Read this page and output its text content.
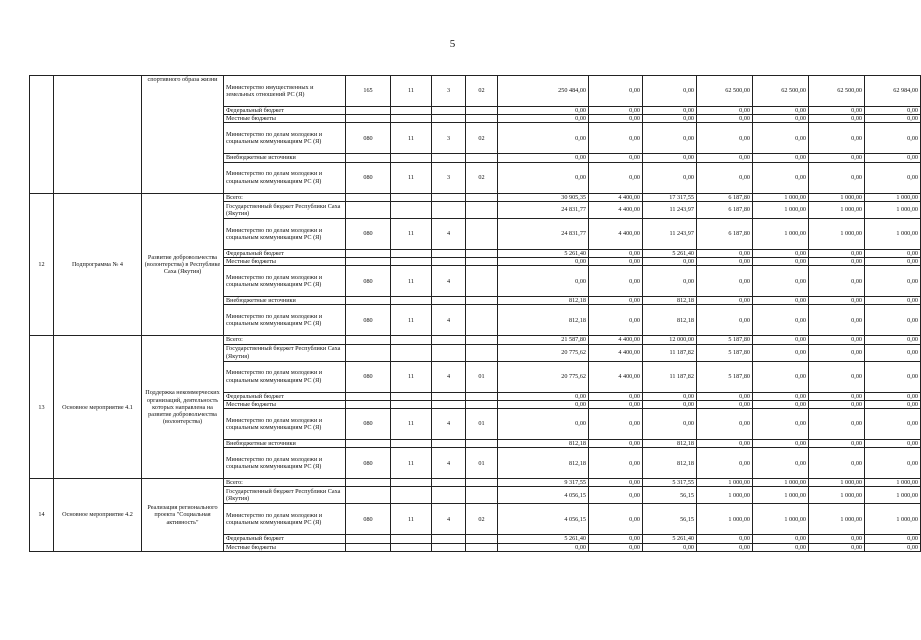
5
		спортивного образа жизни	Министерство имущественных и земельных отношений РС (Я)	165	11	3	02	250 484,00	0,00	0,00	62 500,00	62 500,00	62 500,00	62 984,00
			Федеральный бюджет					0,00	0,00	0,00	0,00	0,00	0,00	0,00
			Местные бюджеты					0,00	0,00	0,00	0,00	0,00	0,00	0,00
			Министерство по делам молодежи и социальным коммуникациям РС (Я)	080	11	3	02	0,00	0,00	0,00	0,00	0,00	0,00	0,00
			Внебюджетные источники					0,00	0,00	0,00	0,00	0,00	0,00	0,00
			Министерство по делам молодежи и социальным коммуникациям РС (Я)	080	11	3	02	0,00	0,00	0,00	0,00	0,00	0,00	0,00
12	Подпрограмма № 4	Развитие добровольчества (волонтерства) в Республике Саха (Якутия)	Всего:					30 905,35	4 400,00	17 317,55	6 187,80	1 000,00	1 000,00	1 000,00
			Государственный бюджет Республики Саха (Якутия)					24 831,77	4 400,00	11 243,97	6 187,80	1 000,00	1 000,00	1 000,00
			Министерство по делам молодежи и социальным коммуникациям РС (Я)	080	11	4		24 831,77	4 400,00	11 243,97	6 187,80	1 000,00	1 000,00	1 000,00
			Федеральный бюджет					5 261,40	0,00	5 261,40	0,00	0,00	0,00	0,00
			Местные бюджеты					0,00	0,00	0,00	0,00	0,00	0,00	0,00
			Министерство по делам молодежи и социальным коммуникациям РС (Я)	080	11	4		0,00	0,00	0,00	0,00	0,00	0,00	0,00
			Внебюджетные источники					812,18	0,00	812,18	0,00	0,00	0,00	0,00
			Министерство по делам молодежи и социальным коммуникациям РС (Я)	080	11	4		812,18	0,00	812,18	0,00	0,00	0,00	0,00
13	Основное мероприятие 4.1	Поддержка некоммерческих организаций, деятельность которых направлена на развитие добровольчества (волонтерства)	Всего:					21 587,80	4 400,00	12 000,00	5 187,80	0,00	0,00	0,00
			Государственный бюджет Республики Саха (Якутия)					20 775,62	4 400,00	11 187,82	5 187,80	0,00	0,00	0,00
			Министерство по делам молодежи и социальным коммуникациям РС (Я)	080	11	4	01	20 775,62	4 400,00	11 187,82	5 187,80	0,00	0,00	0,00
			Федеральный бюджет					0,00	0,00	0,00	0,00	0,00	0,00	0,00
			Местные бюджеты					0,00	0,00	0,00	0,00	0,00	0,00	0,00
			Министерство по делам молодежи и социальным коммуникациям РС (Я)	080	11	4	01	0,00	0,00	0,00	0,00	0,00	0,00	0,00
			Внебюджетные источники					812,18	0,00	812,18	0,00	0,00	0,00	0,00
			Министерство по делам молодежи и социальным коммуникациям РС (Я)	080	11	4	01	812,18	0,00	812,18	0,00	0,00	0,00	0,00
14	Основное мероприятие 4.2	Реализация регионального проекта "Социальная активность"	Всего:					9 317,55	0,00	5 317,55	1 000,00	1 000,00	1 000,00	1 000,00
			Государственный бюджет Республики Саха (Якутия)					4 056,15	0,00	56,15	1 000,00	1 000,00	1 000,00	1 000,00
			Министерство по делам молодежи и социальным коммуникациям РС (Я)	080	11	4	02	4 056,15	0,00	56,15	1 000,00	1 000,00	1 000,00	1 000,00
			Федеральный бюджет					5 261,40	0,00	5 261,40	0,00	0,00	0,00	0,00
			Местные бюджеты					0,00	0,00	0,00	0,00	0,00	0,00	0,00
